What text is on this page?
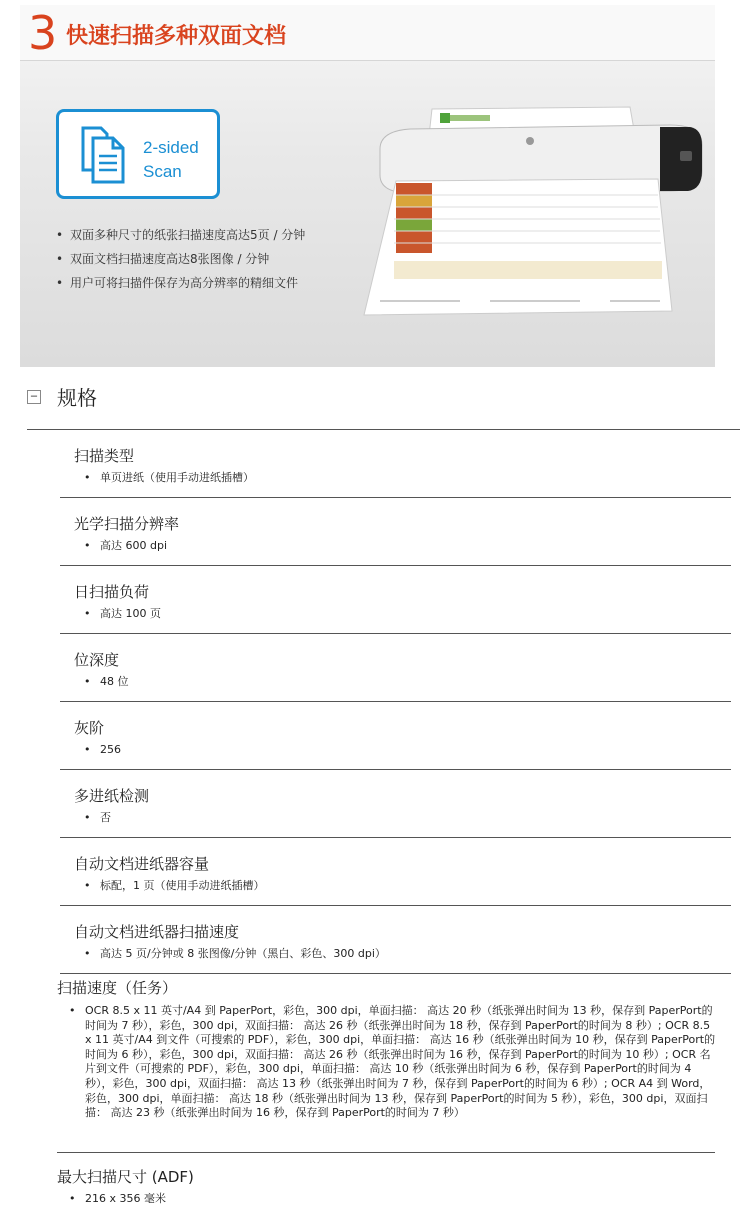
3 快速扫描多种双面文档
2-sided
Scan
• 双面多种尺寸的纸张扫描速度高达5页 / 分钟
• 双面文档扫描速度高达8张图像 / 分钟
• 用户可将扫描件保存为高分辨率的精细文件
− 规格
扫描类型
• 单页进纸（使用手动进纸插槽）
光学扫描分辨率
• 高达 600 dpi
日扫描负荷
• 高达 100 页
位深度
• 48 位
灰阶
• 256
多进纸检测
• 否
自动文档进纸器容量
• 标配，1 页（使用手动进纸插槽）
自动文档进纸器扫描速度
• 高达 5 页/分钟或 8 张图像/分钟（黑白、彩色、300 dpi）
扫描速度（任务）
• OCR 8.5 x 11 英寸/A4 到 PaperPort，彩色，300 dpi，单面扫描： 高达 20 秒（纸张弹出时间为 13 秒，保存到 PaperPort的时间为 7 秒），彩色，300 dpi，双面扫描： 高达 26 秒（纸张弹出时间为 18 秒，保存到 PaperPort的时间为 8 秒）; OCR 8.5 x 11 英寸/A4 到文件（可搜索的 PDF），彩色，300 dpi，单面扫描： 高达 16 秒（纸张弹出时间为 10 秒，保存到 PaperPort的时间为 6 秒），彩色，300 dpi，双面扫描： 高达 26 秒（纸张弹出时间为 16 秒，保存到 PaperPort的时间为 10 秒）; OCR 名片到文件（可搜索的 PDF），彩色，300 dpi，单面扫描： 高达 10 秒（纸张弹出时间为 6 秒，保存到 PaperPort的时间为 4 秒），彩色，300 dpi，双面扫描： 高达 13 秒（纸张弹出时间为 7 秒，保存到 PaperPort的时间为 6 秒）; OCR A4 到 Word，彩色，300 dpi，单面扫描： 高达 18 秒（纸张弹出时间为 13 秒，保存到 PaperPort的时间为 5 秒），彩色，300 dpi，双面扫描： 高达 23 秒（纸张弹出时间为 16 秒，保存到 PaperPort的时间为 7 秒）
最大扫描尺寸 (ADF)
• 216 x 356 毫米
